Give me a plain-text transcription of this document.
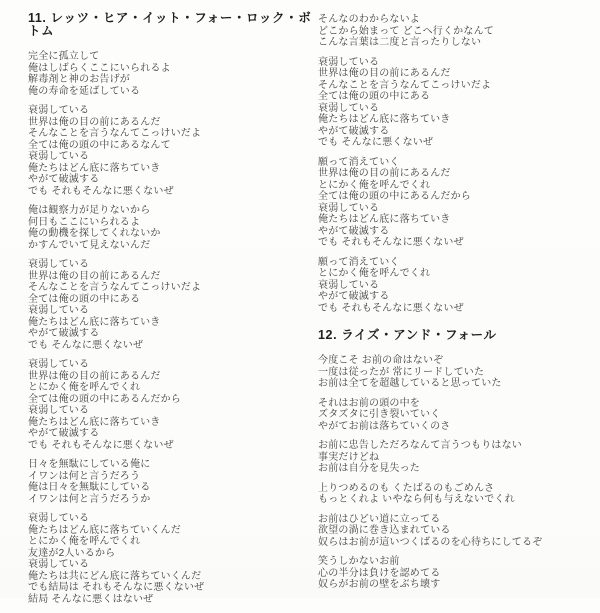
11. レッツ・ヒア・イット・フォー・ロック・ボトム
完全に孤立して
俺はしばらくここにいられるよ
解毒剤と神のお告げが
俺の寿命を延ばしている
衰弱している
世界は俺の目の前にあるんだ
そんなことを言うなんてこっけいだよ
全ては俺の頭の中にあるなんて
衰弱している
俺たちはどん底に落ちていき
やがて破滅する
でも それもそんなに悪くないぜ
俺は観察力が足りないから
何日もここにいられるよ
俺の動機を探してくれないか
かすんでいて見えないんだ
衰弱している
世界は俺の目の前にあるんだ
そんなことを言うなんてこっけいだよ
全ては俺の頭の中にある
衰弱している
俺たちはどん底に落ちていき
やがて破滅する
でも そんなに悪くないぜ
衰弱している
世界は俺の目の前にあるんだ
とにかく俺を呼んでくれ
全ては俺の頭の中にあるんだから
衰弱している
俺たちはどん底に落ちていき
やがて破滅する
でも それもそんなに悪くないぜ
日々を無駄にしている俺に
イワンは何と言うだろう
俺は日々を無駄にしている
イワンは何と言うだろうか
衰弱している
俺たちはどん底に落ちていくんだ
とにかく俺を呼んでくれ
友達が2人いるから
衰弱している
俺たちは共にどん底に落ちていくんだ
でも結局は それもそんなに悪くないぜ
結局 そんなに悪くはないぜ
そんなのわからないよ
どこから始まって どこへ行くかなんて
こんな言葉は二度と言ったりしない
衰弱している
世界は俺の目の前にあるんだ
そんなことを言うなんてこっけいだよ
全ては俺の頭の中にある
衰弱している
俺たちはどん底に落ちていき
やがて破滅する
でも そんなに悪くないぜ
願って消えていく
世界は俺の目の前にあるんだ
とにかく俺を呼んでくれ
全ては俺の頭の中にあるんだから
衰弱している
俺たちはどん底に落ちていき
やがて破滅する
でも それもそんなに悪くないぜ
願って消えていく
とにかく俺を呼んでくれ
衰弱している
やがて破滅する
でも それもそんなに悪くないぜ
12. ライズ・アンド・フォール
今度こそ お前の命はないぞ
一度は従ったが 常にリードしていた
お前は全てを超越していると思っていた
それはお前の頭の中を
ズタズタに引き裂いていく
やがてお前は落ちていくのさ
お前に忠告しただろなんて言うつもりはない
事実だけどね
お前は自分を見失った
上りつめるのも くたばるのもごめんさ
もっとくれよ いやなら何も与えないでくれ
お前はひどい道に立ってる
欲望の渦に巻き込まれている
奴らはお前が這いつくばるのを心待ちにしてるぞ
笑うしかないお前
心の半分は負けを認めてる
奴らがお前の壁をぶち壊す
